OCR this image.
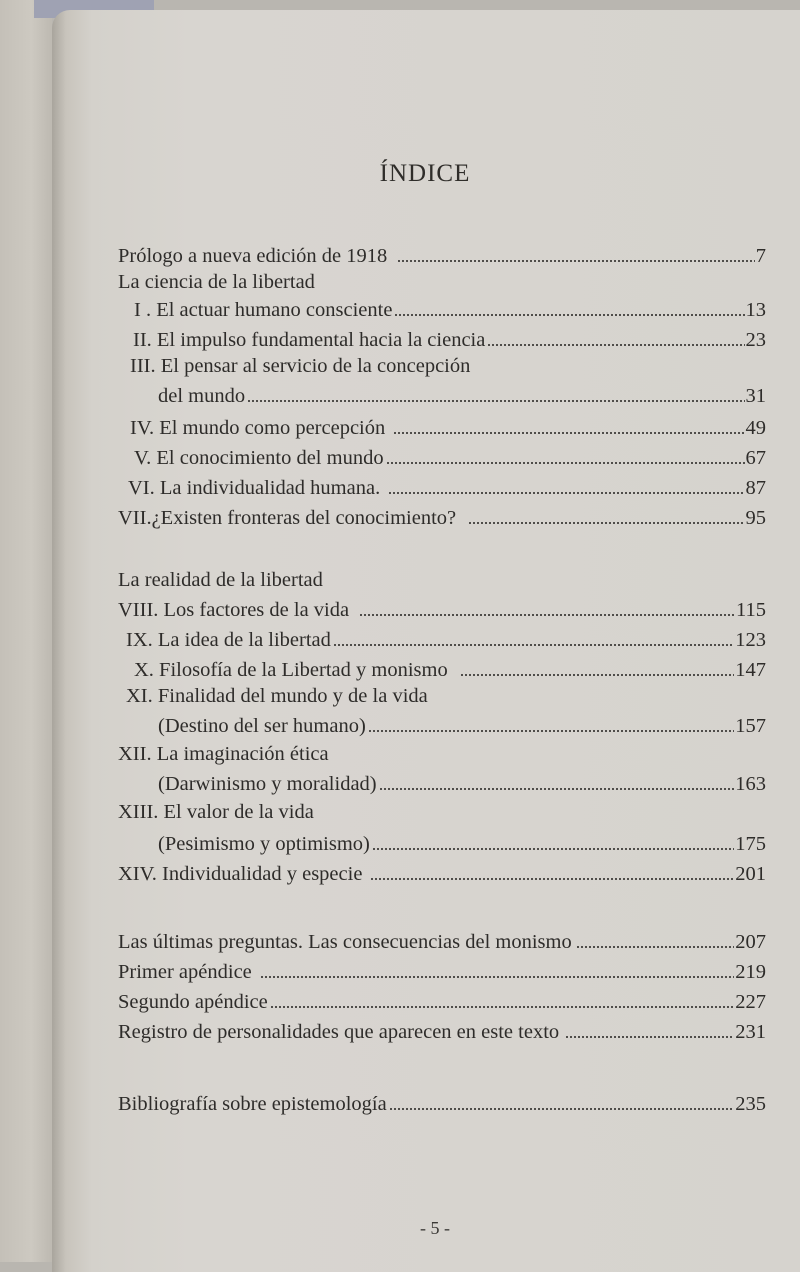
ÍNDICE
Prólogo a nueva edición de 1918	7
La ciencia de la libertad
I . El actuar humano consciente	13
II. El impulso fundamental hacia la ciencia	23
III. El pensar al servicio de la concepción
del mundo	31
IV. El mundo como percepción	49
V. El conocimiento del mundo	67
VI. La individualidad humana.	87
VII.¿Existen fronteras del conocimiento?	95
La realidad de la libertad
VIII. Los factores de la vida	115
IX. La idea de la libertad	123
X. Filosofía de la Libertad y monismo	147
XI. Finalidad del mundo y de la vida
(Destino del ser humano)	157
XII. La imaginación ética
(Darwinismo y moralidad)	163
XIII. El valor de la vida
(Pesimismo y optimismo)	175
XIV. Individualidad y especie	201
Las últimas preguntas. Las consecuencias del monismo	207
Primer apéndice	219
Segundo apéndice	227
Registro de personalidades que aparecen en este texto	231
Bibliografía sobre epistemología	235
- 5 -
